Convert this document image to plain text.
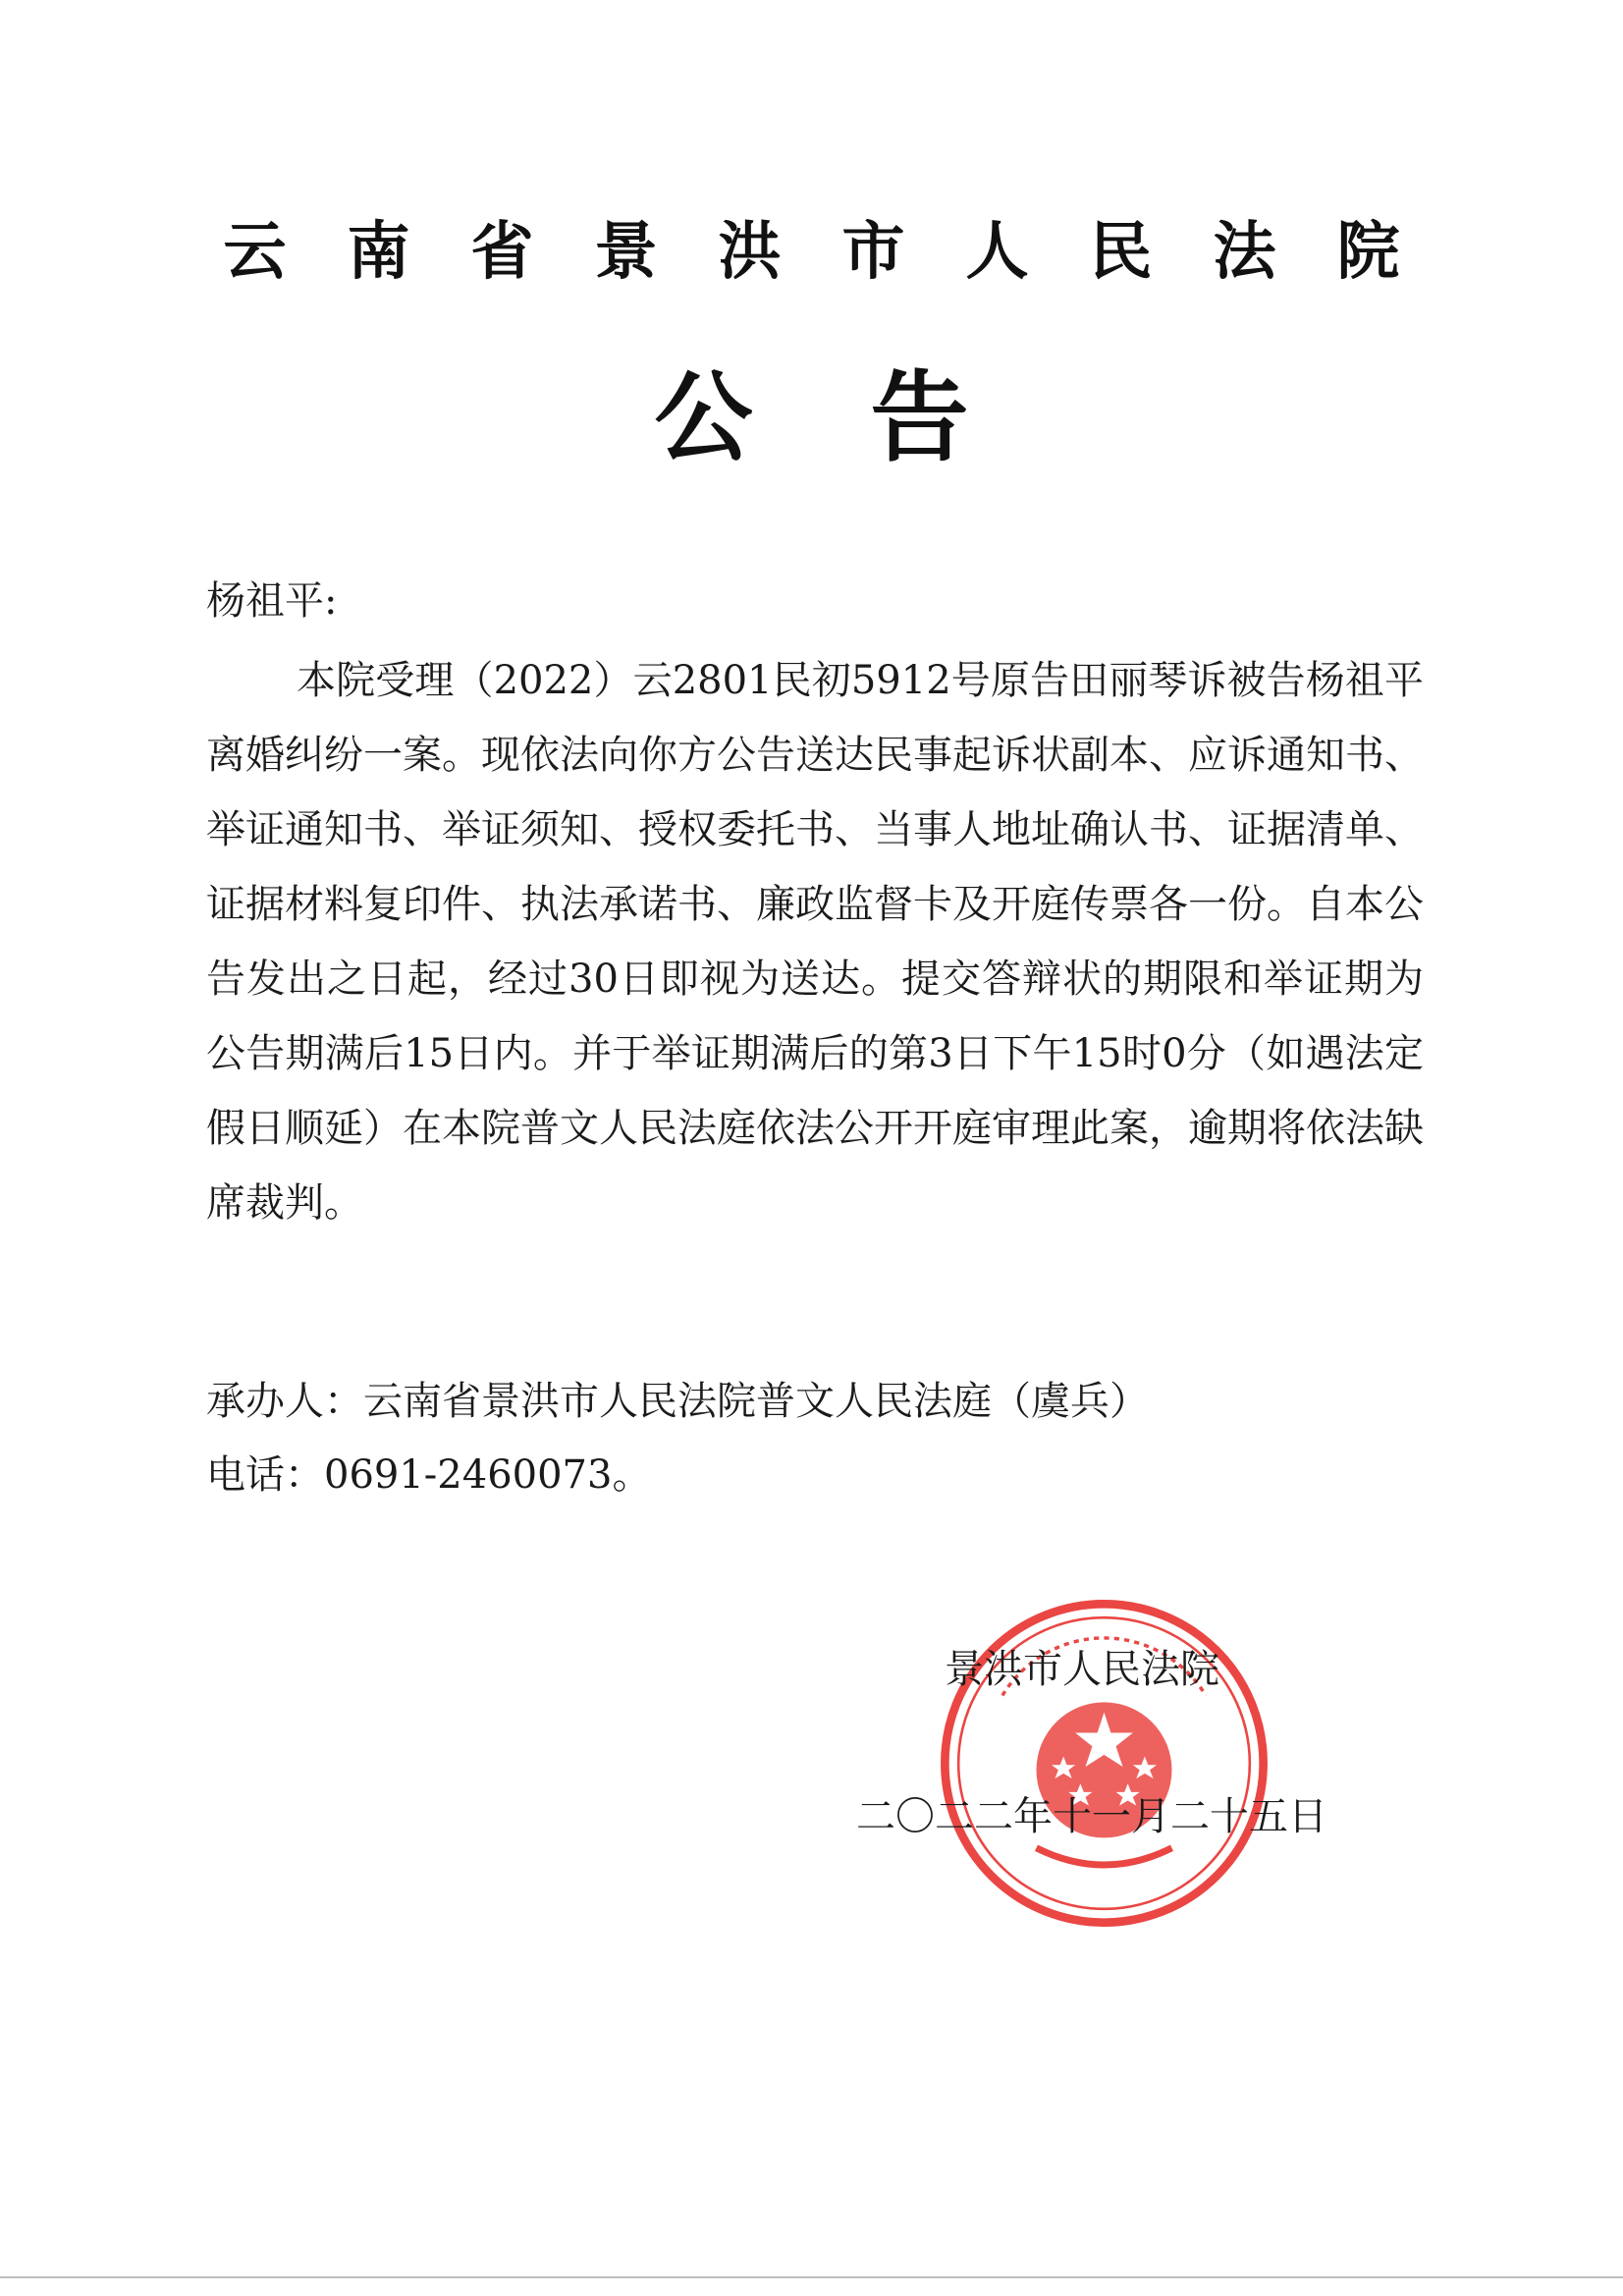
云南省景洪市人民法院
公告
杨祖平:
本院受理（2022）云2801民初5912号原告田丽琴诉被告杨祖平离婚纠纷一案。现依法向你方公告送达民事起诉状副本、应诉通知书、举证通知书、举证须知、授权委托书、当事人地址确认书、证据清单、证据材料复印件、执法承诺书、廉政监督卡及开庭传票各一份。自本公告发出之日起，经过30日即视为送达。提交答辩状的期限和举证期为公告期满后15日内。并于举证期满后的第3日下午15时0分（如遇法定假日顺延）在本院普文人民法庭依法公开开庭审理此案，逾期将依法缺席裁判。
承办人：云南省景洪市人民法院普文人民法庭（虞兵）
电话：0691-2460073。
景洪市人民法院
二〇二二年十一月二十五日
